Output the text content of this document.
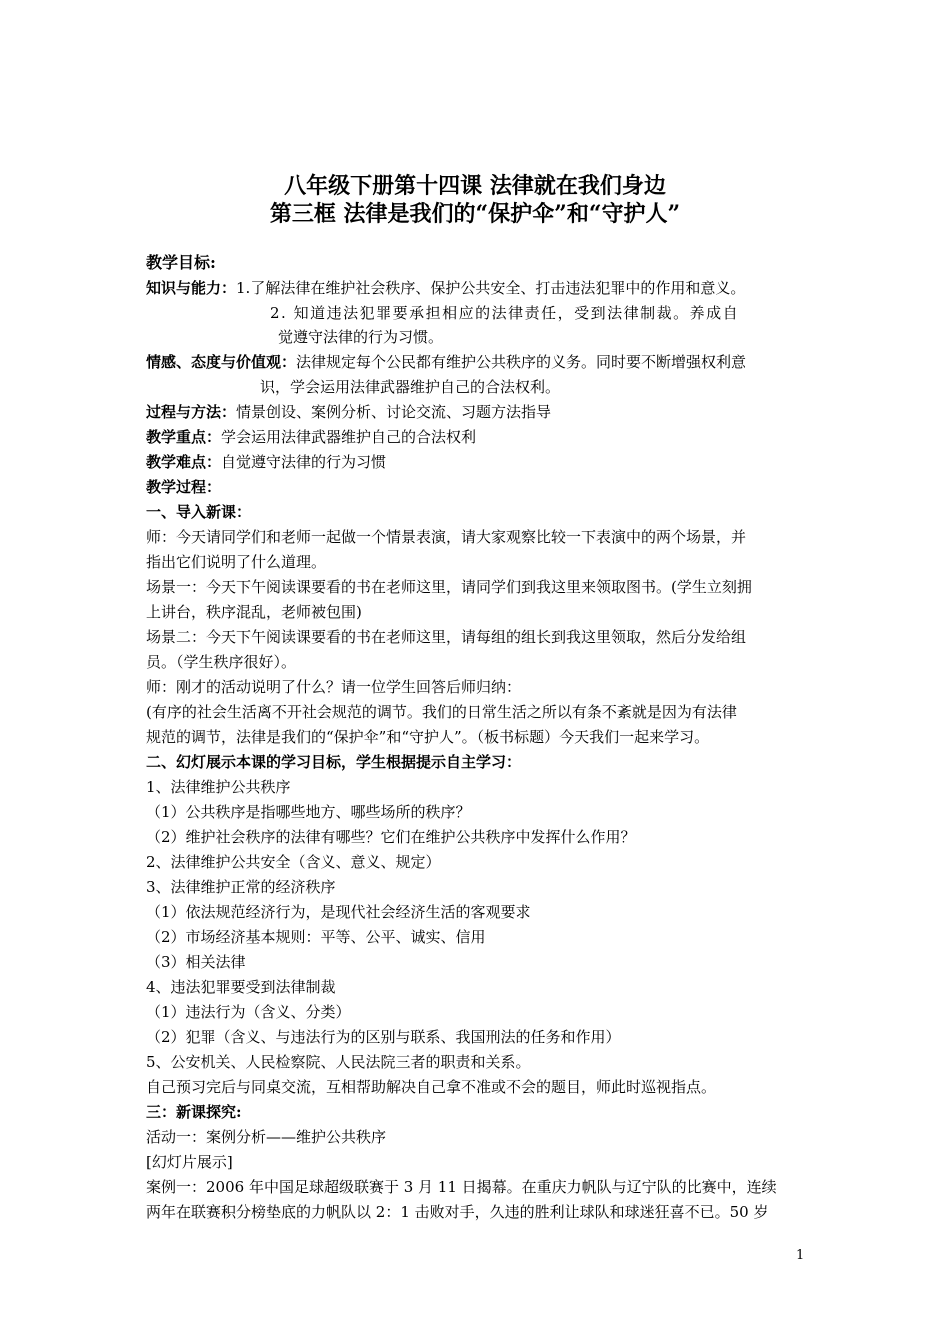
八年级下册第十四课 法律就在我们身边
第三框 法律是我们的“保护伞”和“守护人”
教学目标:
知识与能力：1.了解法律在维护社会秩序、保护公共安全、打击违法犯罪中的作用和意义。
2. 知道违法犯罪要承担相应的法律责任，受到法律制裁。养成自
觉遵守法律的行为习惯。
情感、态度与价值观：法律规定每个公民都有维护公共秩序的义务。同时要不断增强权利意
识，学会运用法律武器维护自己的合法权利。
过程与方法：情景创设、案例分析、讨论交流、习题方法指导
教学重点：学会运用法律武器维护自己的合法权利
教学难点：自觉遵守法律的行为习惯
教学过程：
一、导入新课：
师：今天请同学们和老师一起做一个情景表演，请大家观察比较一下表演中的两个场景，并
指出它们说明了什么道理。
场景一：今天下午阅读课要看的书在老师这里，请同学们到我这里来领取图书。(学生立刻拥
上讲台，秩序混乱，老师被包围)
场景二：今天下午阅读课要看的书在老师这里，请每组的组长到我这里领取，然后分发给组
员。（学生秩序很好）。
师：刚才的活动说明了什么？请一位学生回答后师归纳：
(有序的社会生活离不开社会规范的调节。我们的日常生活之所以有条不紊就是因为有法律
规范的调节，法律是我们的“保护伞”和“守护人”。（板书标题）今天我们一起来学习。
二、幻灯展示本课的学习目标，学生根据提示自主学习：
1、法律维护公共秩序
（1）公共秩序是指哪些地方、哪些场所的秩序？
（2）维护社会秩序的法律有哪些？它们在维护公共秩序中发挥什么作用？
2、法律维护公共安全（含义、意义、规定）
3、法律维护正常的经济秩序
（1）依法规范经济行为，是现代社会经济生活的客观要求
（2）市场经济基本规则：平等、公平、诚实、信用
（3）相关法律
4、违法犯罪要受到法律制裁
（1）违法行为（含义、分类）
（2）犯罪（含义、与违法行为的区别与联系、我国刑法的任务和作用）
5、公安机关、人民检察院、人民法院三者的职责和关系。
自己预习完后与同桌交流，互相帮助解决自己拿不准或不会的题目，师此时巡视指点。
三：新课探究:
活动一：案例分析——维护公共秩序
[幻灯片展示]
案例一：2006 年中国足球超级联赛于 3 月 11 日揭幕。在重庆力帆队与辽宁队的比赛中，连续
两年在联赛积分榜垫底的力帆队以 2：1 击败对手，久违的胜利让球队和球迷狂喜不已。50 岁
1
